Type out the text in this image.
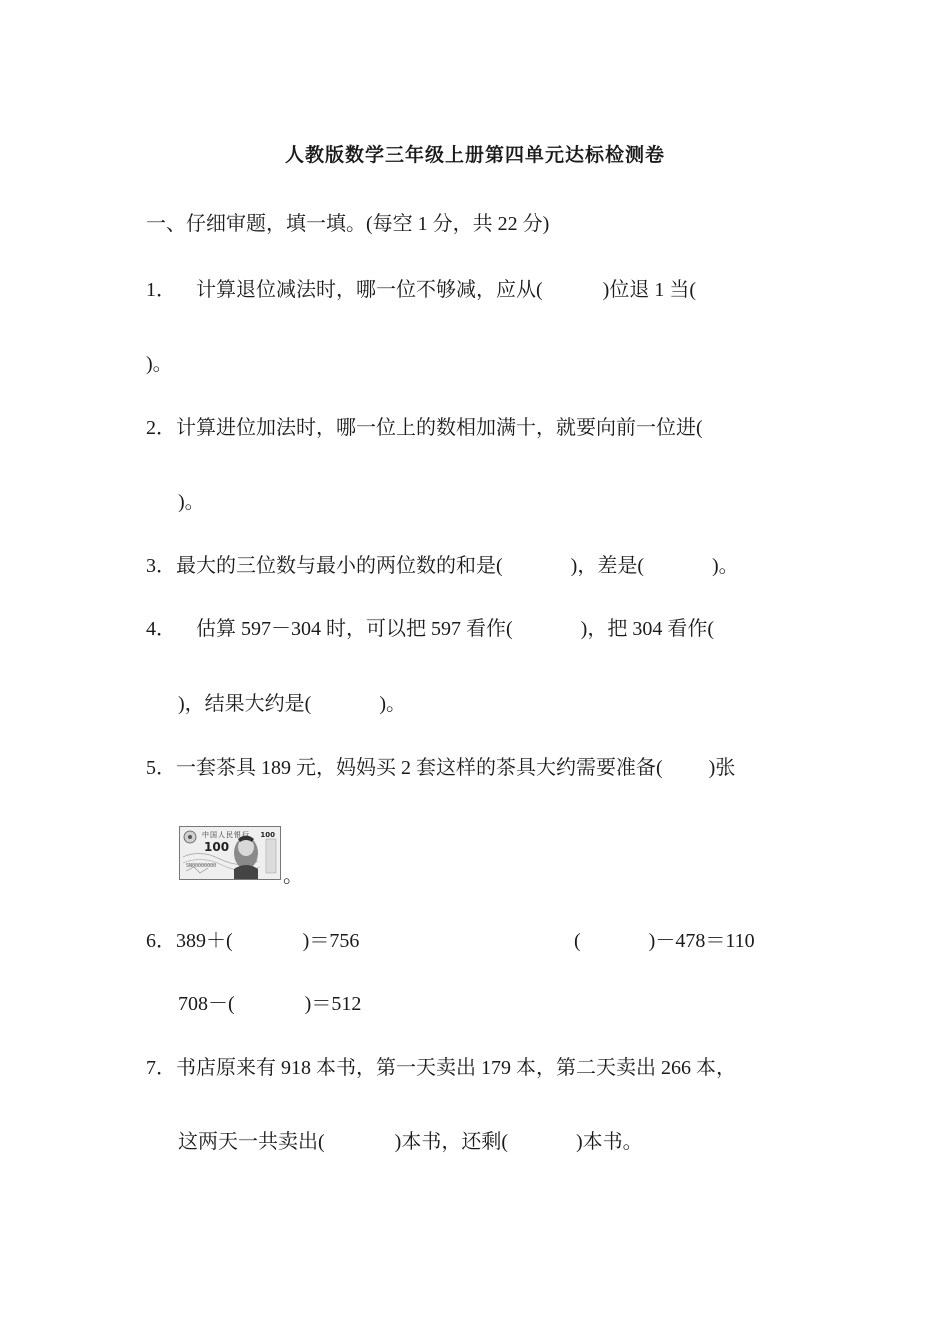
人教版数学三年级上册第四单元达标检测卷
一、仔细审题，填一填。(每空 1 分，共 22 分)
1． 计算退位减法时，哪一位不够减，应从(	)位退 1 当(
)。
2．计算进位加法时，哪一位上的数相加满十，就要向前一位进(
)。
3．最大的三位数与最小的两位数的和是(	)，差是(	)。
4． 估算 597－304 时，可以把 597 看作(	)，把 304 看作(
)，结果大约是(	)。
5．一套茶具 189 元，妈妈买 2 套这样的茶具大约需要准备( )张
中国人民银行
100
100
SN00000000	。
6．389＋(	)＝756	(	)－478＝110
708－(	)＝512
7．书店原来有 918 本书，第一天卖出 179 本，第二天卖出 266 本，
这两天一共卖出(	)本书，还剩(	)本书。
